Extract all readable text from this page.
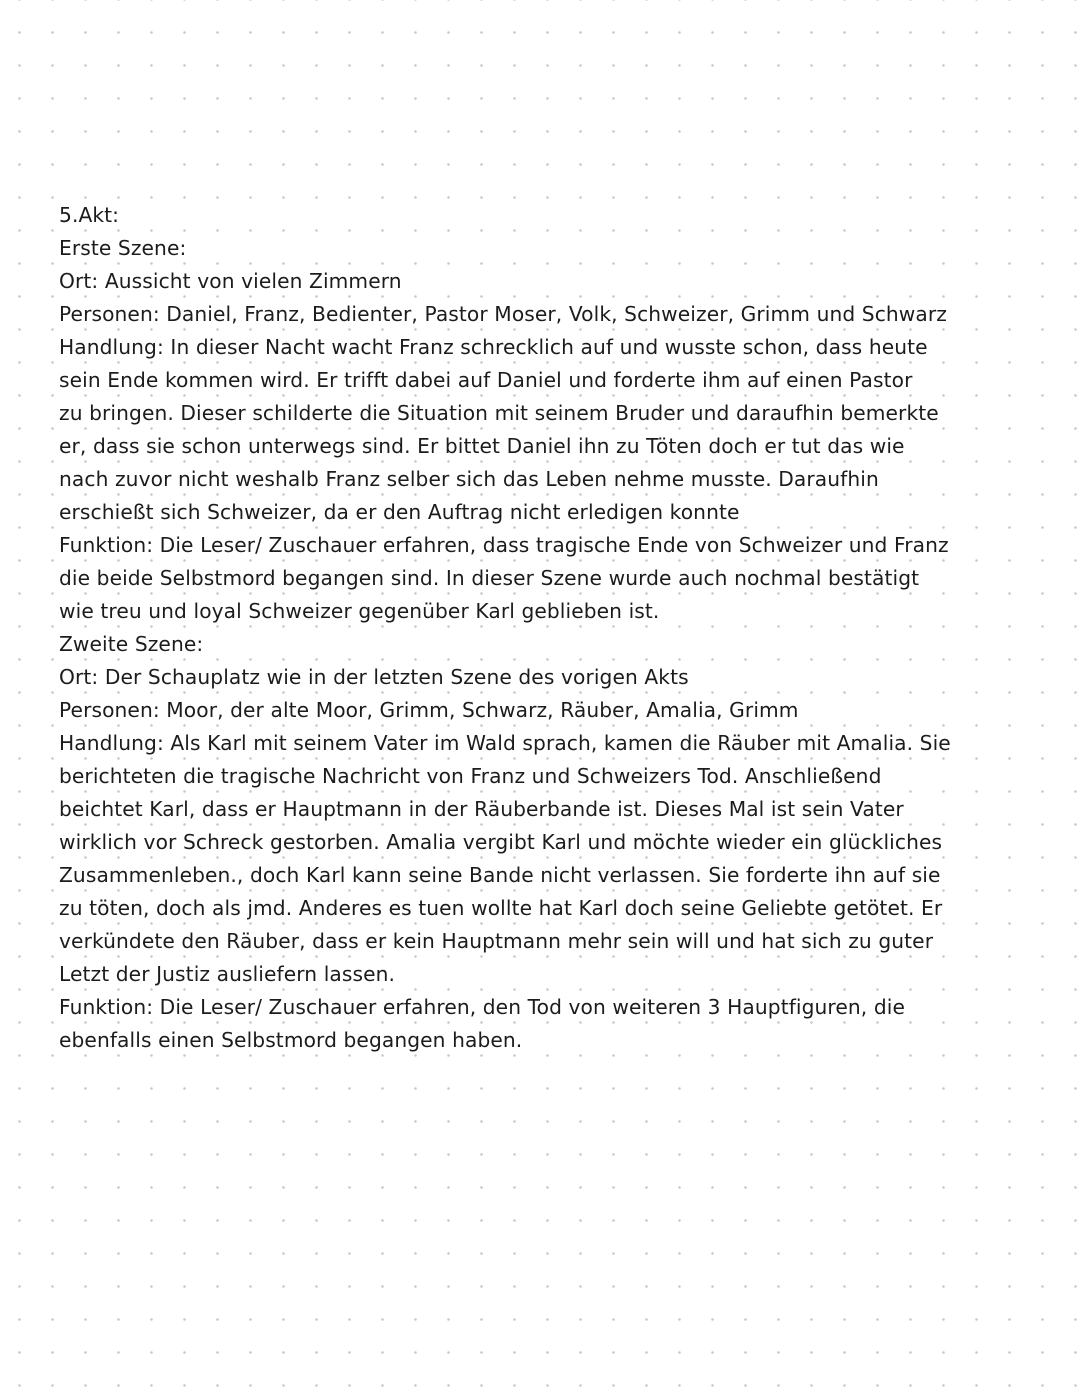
5.Akt:
Erste Szene:
Ort: Aussicht von vielen Zimmern
Personen: Daniel, Franz, Bedienter, Pastor Moser, Volk, Schweizer, Grimm und Schwarz
Handlung: In dieser Nacht wacht Franz schrecklich auf und wusste schon, dass heute
sein Ende kommen wird. Er trifft dabei auf Daniel und forderte ihm auf einen Pastor
zu bringen. Dieser schilderte die Situation mit seinem Bruder und daraufhin bemerkte
er, dass sie schon unterwegs sind. Er bittet Daniel ihn zu Töten doch er tut das wie
nach zuvor nicht weshalb Franz selber sich das Leben nehme musste. Daraufhin
erschießt sich Schweizer, da er den Auftrag nicht erledigen konnte
Funktion: Die Leser/ Zuschauer erfahren, dass tragische Ende von Schweizer und Franz
die beide Selbstmord begangen sind. In dieser Szene wurde auch nochmal bestätigt
wie treu und loyal Schweizer gegenüber Karl geblieben ist.
Zweite Szene:
Ort: Der Schauplatz wie in der letzten Szene des vorigen Akts
Personen: Moor, der alte Moor, Grimm, Schwarz, Räuber, Amalia, Grimm
Handlung: Als Karl mit seinem Vater im Wald sprach, kamen die Räuber mit Amalia. Sie
berichteten die tragische Nachricht von Franz und Schweizers Tod. Anschließend
beichtet Karl, dass er Hauptmann in der Räuberbande ist. Dieses Mal ist sein Vater
wirklich vor Schreck gestorben. Amalia vergibt Karl und möchte wieder ein glückliches
Zusammenleben., doch Karl kann seine Bande nicht verlassen. Sie forderte ihn auf sie
zu töten, doch als jmd. Anderes es tuen wollte hat Karl doch seine Geliebte getötet. Er
verkündete den Räuber, dass er kein Hauptmann mehr sein will und hat sich zu guter
Letzt der Justiz ausliefern lassen.
Funktion: Die Leser/ Zuschauer erfahren, den Tod von weiteren 3 Hauptfiguren, die
ebenfalls einen Selbstmord begangen haben.
